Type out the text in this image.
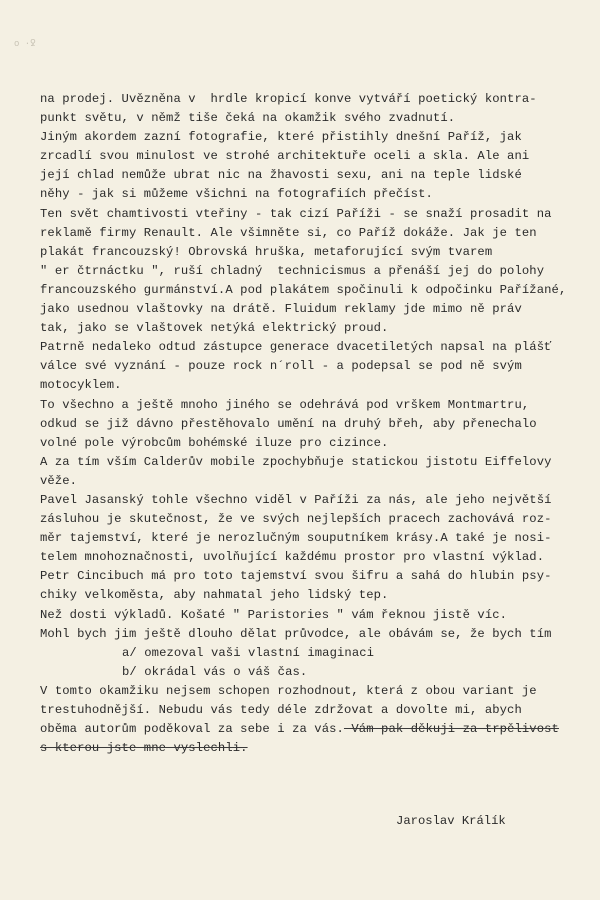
o ·ꝿ
na prodej. Uvězněna v  hrdle kropicí konve vytváří poetický kontra-
punkt světu, v němž tiše čeká na okamžik svého zvadnutí.
Jiným akordem zazní fotografie, které přistihly dnešní Paříž, jak
zrcadlí svou minulost ve strohé architektuře oceli a skla. Ale ani
její chlad nemůže ubrat nic na žhavosti sexu, ani na teple lidské
něhy - jak si můžeme všichni na fotografiích přečíst.
Ten svět chamtivosti vteřiny - tak cizí Paříži - se snaží prosadit na
reklamě firmy Renault. Ale všimněte si, co Paříž dokáže. Jak je ten
plakát francouzský! Obrovská hruška, metaforující svým tvarem
" er čtrnáctku ", ruší chladný  technicismus a přenáší jej do polohy
francouzského gurmánství.A pod plakátem spočinuli k odpočinku Pařížané,
jako usednou vlaštovky na drátě. Fluidum reklamy jde mimo ně práv
tak, jako se vlaštovek netýká elektrický proud.
Patrně nedaleko odtud zástupce generace dvacetiletých napsal na plášť
válce své vyznání - pouze rock n´roll - a podepsal se pod ně svým
motocyklem.
To všechno a ještě mnoho jiného se odehrává pod vrškem Montmartru,
odkud se již dávno přestěhovalo umění na druhý břeh, aby přenechalo
volné pole výrobcům bohémské iluze pro cizince.
A za tím vším Calderův mobile zpochybňuje statickou jistotu Eiffelovy
věže.
Pavel Jasanský tohle všechno viděl v Paříži za nás, ale jeho největší
zásluhou je skutečnost, že ve svých nejlepších pracech zachovává roz-
měr tajemství, které je nerozlučným souputníkem krásy.A také je nosi-
telem mnohoznačnosti, uvolňující každému prostor pro vlastní výklad.
Petr Cincibuch má pro toto tajemství svou šifru a sahá do hlubin psy-
chiky velkoměsta, aby nahmatal jeho lidský tep.
Než dosti výkladů. Košaté " Paristories " vám řeknou jistě víc.
Mohl bych jim ještě dlouho dělat průvodce, ale obávám se, že bych tím
a/ omezoval vaši vlastní imaginaci
b/ okrádal vás o váš čas.
V tomto okamžiku nejsem schopen rozhodnout, která z obou variant je
trestuhodnější. Nebudu vás tedy déle zdržovat a dovolte mi, abych
oběma autorům poděkoval za sebe i za vás. Vám pak děkuji za trpělivost
s kterou jste mne vyslechli.
Jaroslav Králík
